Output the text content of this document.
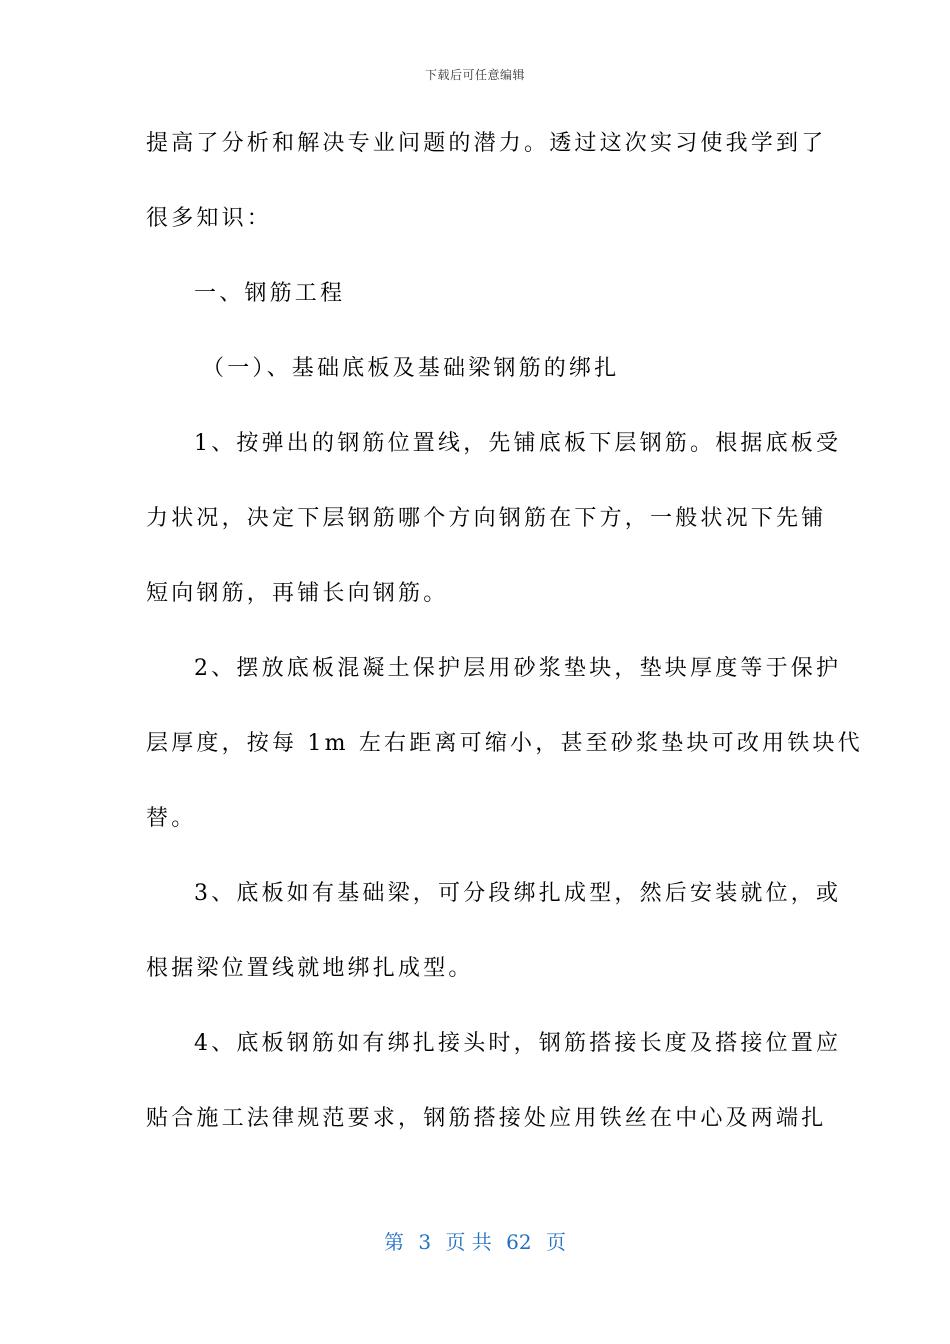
下载后可任意编辑
提高了分析和解决专业问题的潜力。透过这次实习使我学到了
很多知识：
一、钢筋工程
（一）、基础底板及基础梁钢筋的绑扎
1、按弹出的钢筋位置线，先铺底板下层钢筋。根据底板受
力状况，决定下层钢筋哪个方向钢筋在下方，一般状况下先铺
短向钢筋，再铺长向钢筋。
2、摆放底板混凝土保护层用砂浆垫块，垫块厚度等于保护
层厚度，按每 1m 左右距离可缩小，甚至砂浆垫块可改用铁块代
替。
3、底板如有基础梁，可分段绑扎成型，然后安装就位，或
根据梁位置线就地绑扎成型。
4、底板钢筋如有绑扎接头时，钢筋搭接长度及搭接位置应
贴合施工法律规范要求，钢筋搭接处应用铁丝在中心及两端扎
第 3 页 共 62 页
